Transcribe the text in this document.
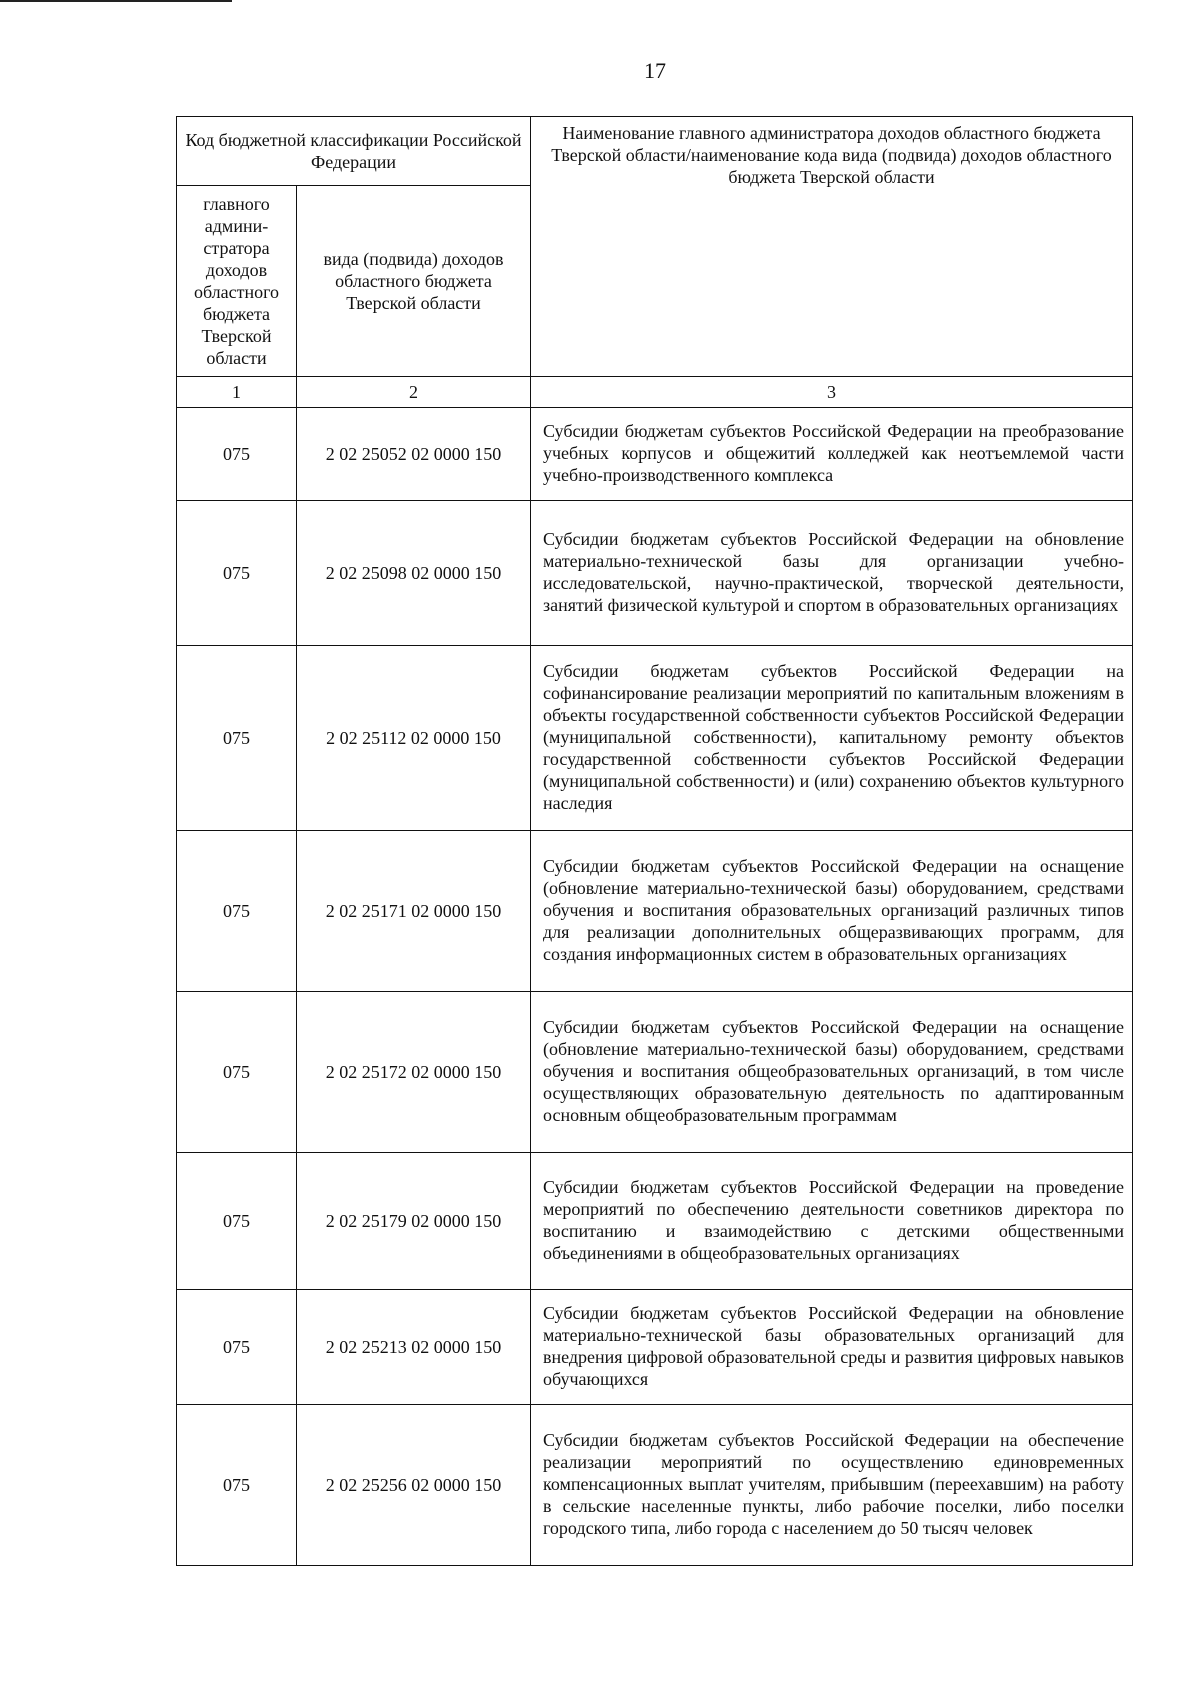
17
Код бюджетной классификации Российской Федерации		Наименование главного администратора доходов областного бюджета Тверской области/наименование кода вида (подвида) доходов областного бюджета Тверской области
главного админи-стратора доходов областного бюджета Тверской области	вида (подвида) доходов областного бюджета Тверской области	
1	2	3
075	2 02 25052 02 0000 150	Субсидии бюджетам субъектов Российской Федерации на преобразование учебных корпусов и общежитий колледжей как неотъемлемой части учебно-производственного комплекса
075	2 02 25098 02 0000 150	Субсидии бюджетам субъектов Российской Федерации на обновление материально-технической базы для организации учебно-исследовательской, научно-практической, творческой деятельности, занятий физической культурой и спортом в образовательных организациях
075	2 02 25112 02 0000 150	Субсидии бюджетам субъектов Российской Федерации на софинансирование реализации мероприятий по капитальным вложениям в объекты государственной собственности субъектов Российской Федерации (муниципальной собственности), капитальному ремонту объектов государственной собственности субъектов Российской Федерации (муниципальной собственности) и (или) сохранению объектов культурного наследия
075	2 02 25171 02 0000 150	Субсидии бюджетам субъектов Российской Федерации на оснащение (обновление материально-технической базы) оборудованием, средствами обучения и воспитания образовательных организаций различных типов для реализации дополнительных общеразвивающих программ, для создания информационных систем в образовательных организациях
075	2 02 25172 02 0000 150	Субсидии бюджетам субъектов Российской Федерации на оснащение (обновление материально-технической базы) оборудованием, средствами обучения и воспитания общеобразовательных организаций, в том числе осуществляющих образовательную деятельность по адаптированным основным общеобразовательным программам
075	2 02 25179 02 0000 150	Субсидии бюджетам субъектов Российской Федерации на проведение мероприятий по обеспечению деятельности советников директора по воспитанию и взаимодействию с детскими общественными объединениями в общеобразовательных организациях
075	2 02 25213 02 0000 150	Субсидии бюджетам субъектов Российской Федерации на обновление материально-технической базы образовательных организаций для внедрения цифровой образовательной среды и развития цифровых навыков обучающихся
075	2 02 25256 02 0000 150	Субсидии бюджетам субъектов Российской Федерации на обеспечение реализации мероприятий по осуществлению единовременных компенсационных выплат учителям, прибывшим (переехавшим) на работу в сельские населенные пункты, либо рабочие поселки, либо поселки городского типа, либо города с населением до 50 тысяч человек
